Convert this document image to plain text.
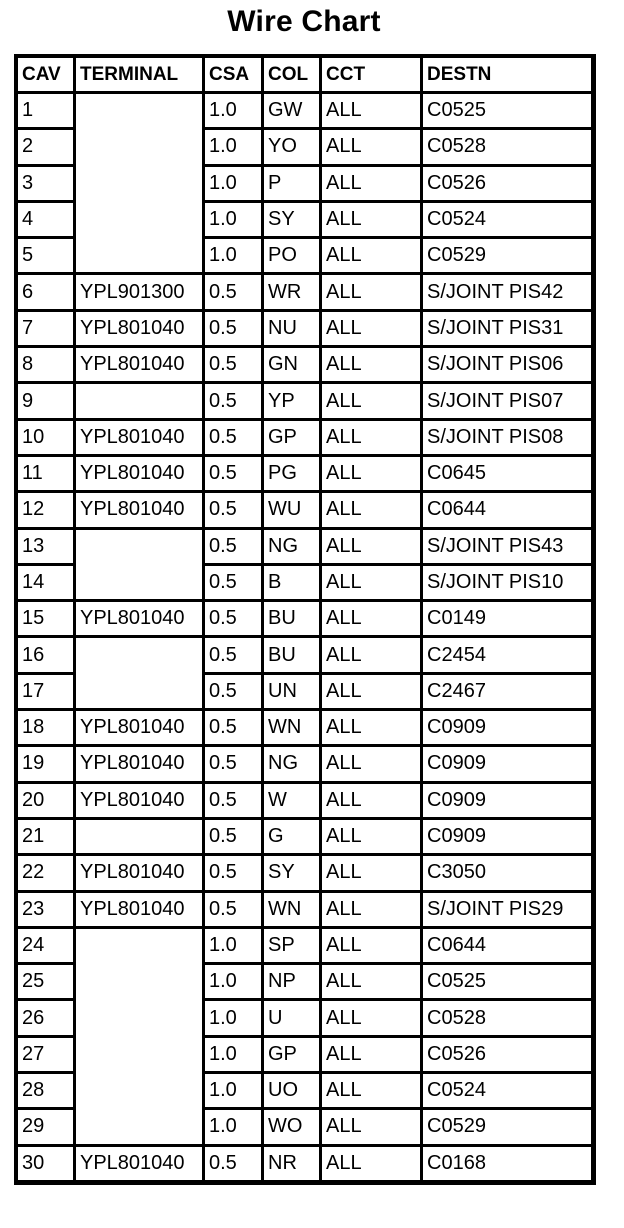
Wire Chart
CAV	TERMINAL	CSA	COL	CCT	DESTN
1		1.0	GW	ALL	C0525
2		1.0	YO	ALL	C0528
3		1.0	P	ALL	C0526
4		1.0	SY	ALL	C0524
5		1.0	PO	ALL	C0529
6	YPL901300	0.5	WR	ALL	S/JOINT PIS42
7	YPL801040	0.5	NU	ALL	S/JOINT PIS31
8	YPL801040	0.5	GN	ALL	S/JOINT PIS06
9		0.5	YP	ALL	S/JOINT PIS07
10	YPL801040	0.5	GP	ALL	S/JOINT PIS08
11	YPL801040	0.5	PG	ALL	C0645
12	YPL801040	0.5	WU	ALL	C0644
13		0.5	NG	ALL	S/JOINT PIS43
14		0.5	B	ALL	S/JOINT PIS10
15	YPL801040	0.5	BU	ALL	C0149
16		0.5	BU	ALL	C2454
17		0.5	UN	ALL	C2467
18	YPL801040	0.5	WN	ALL	C0909
19	YPL801040	0.5	NG	ALL	C0909
20	YPL801040	0.5	W	ALL	C0909
21		0.5	G	ALL	C0909
22	YPL801040	0.5	SY	ALL	C3050
23	YPL801040	0.5	WN	ALL	S/JOINT PIS29
24		1.0	SP	ALL	C0644
25		1.0	NP	ALL	C0525
26		1.0	U	ALL	C0528
27		1.0	GP	ALL	C0526
28		1.0	UO	ALL	C0524
29		1.0	WO	ALL	C0529
30	YPL801040	0.5	NR	ALL	C0168
